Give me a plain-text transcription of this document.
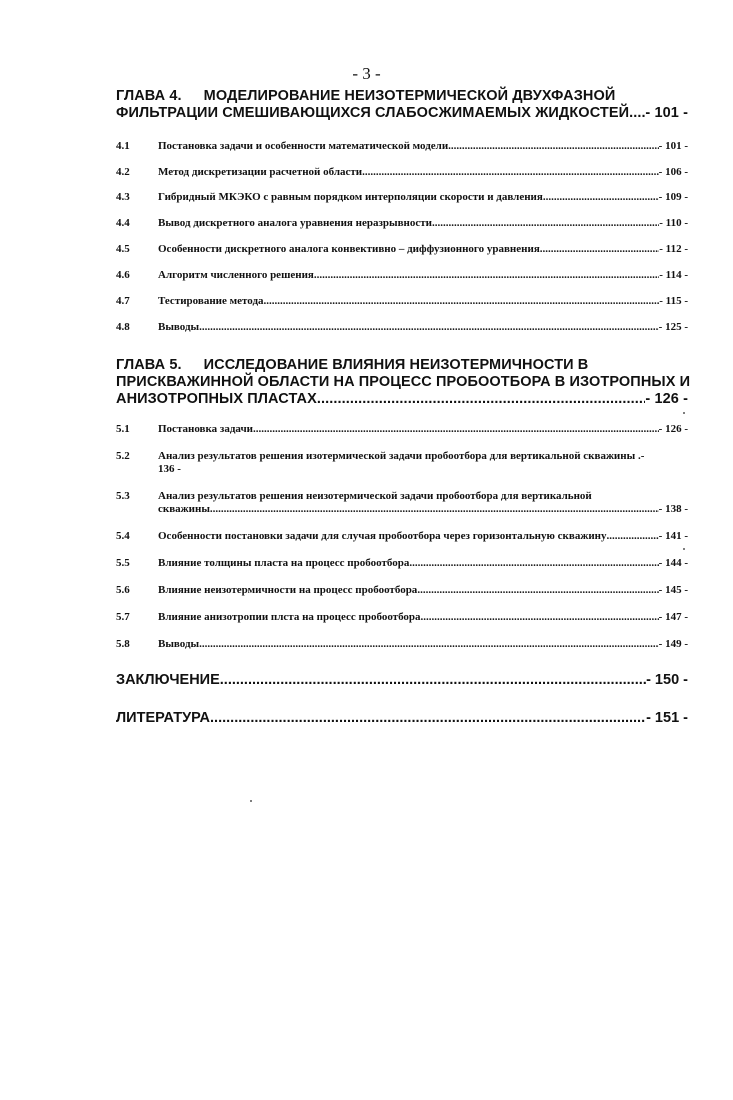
- 3 -
ГЛАВА 4. МОДЕЛИРОВАНИЕ НЕИЗОТЕРМИЧЕСКОЙ ДВУХФАЗНОЙ
ФИЛЬТРАЦИИ СМЕШИВАЮЩИХСЯ СЛАБОСЖИМАЕМЫХ ЖИДКОСТЕЙ ..... - 101 -
4.1	Постановка задачи и особенности математической модели .....	- 101 -
4.2	Метод дискретизации расчетной области .....	- 106 -
4.3	Гибридный МКЭКО с равным порядком интерполяции скорости и давления .....	- 109 -
4.4	Вывод дискретного аналога уравнения неразрывности .....	- 110 -
4.5	Особенности дискретного аналога конвективно – диффузионного уравнения .....	- 112 -
4.6	Алгоритм численного решения .....	- 114 -
4.7	Тестирование метода .....	- 115 -
4.8	Выводы .....	- 125 -
ГЛАВА 5. ИССЛЕДОВАНИЕ ВЛИЯНИЯ НЕИЗОТЕРМИЧНОСТИ В
ПРИСКВАЖИННОЙ ОБЛАСТИ НА ПРОЦЕСС ПРОБООТБОРА В ИЗОТРОПНЫХ И
АНИЗОТРОПНЫХ ПЛАСТАХ .....	- 126 -
5.1	Постановка задачи .....	- 126 -
5.2	Анализ результатов решения изотермической задачи пробоотбора для вертикальной скважины .-
136 -
5.3	Анализ результатов решения неизотермической задачи пробоотбора для вертикальной
скважины .....	- 138 -
5.4	Особенности постановки задачи для случая пробоотбора через горизонтальную скважину .....	- 141 -
5.5	Влияние толщины пласта на процесс пробоотбора .....	- 144 -
5.6	Влияние неизотермичности на процесс пробоотбора .....	- 145 -
5.7	Влияние анизотропии плста на процесс пробоотбора .....	- 147 -
5.8	Выводы .....	- 149 -
ЗАКЛЮЧЕНИЕ .....	- 150 -
ЛИТЕРАТУРА .....	- 151 -
